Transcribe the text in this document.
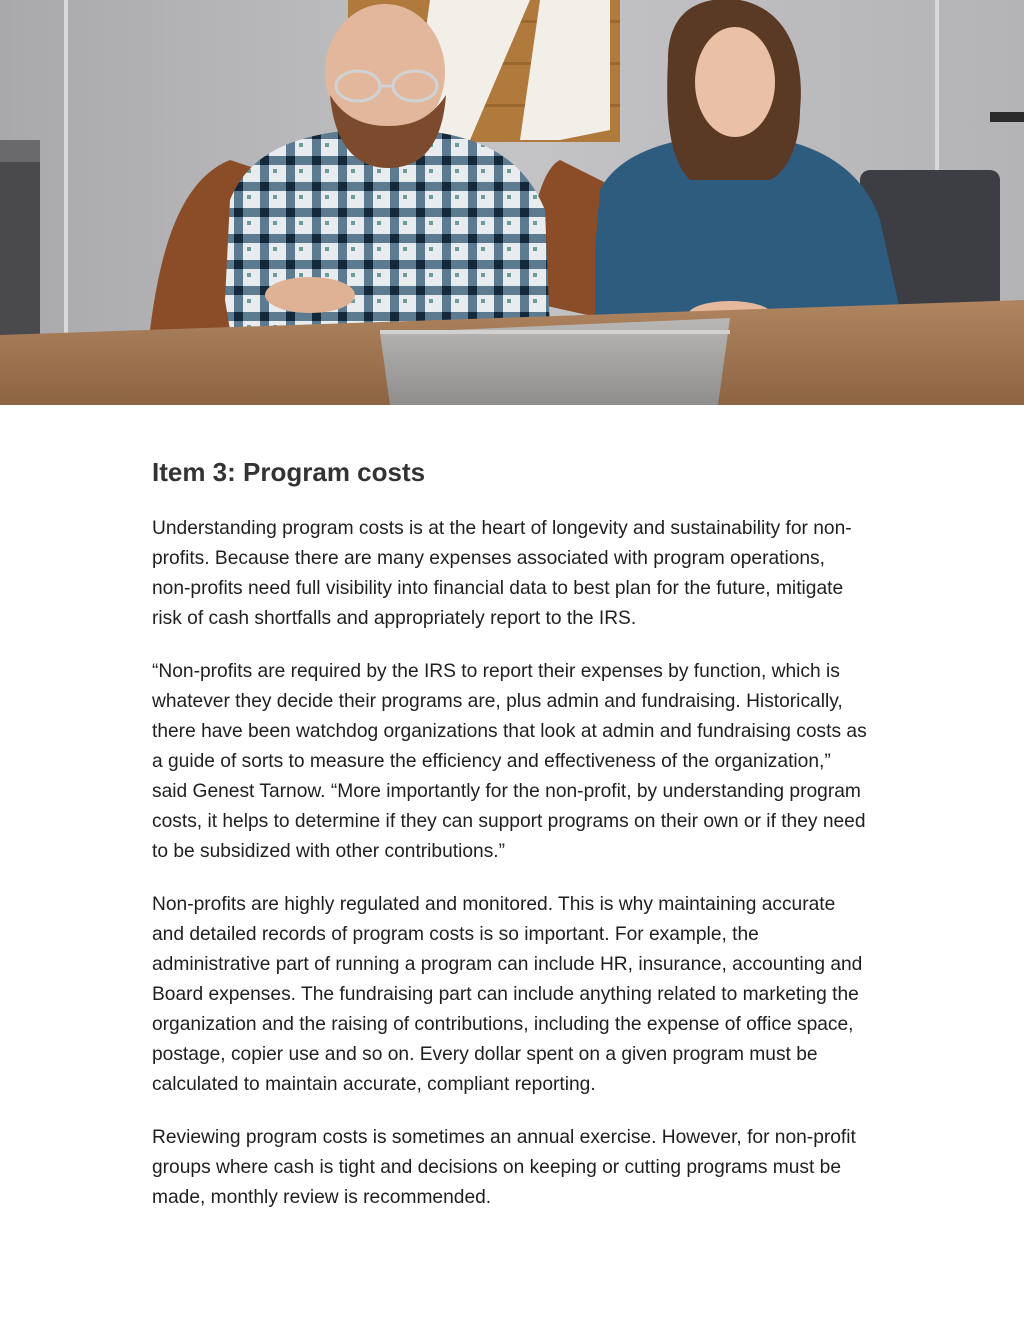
Item 3: Program costs

Understanding program costs is at the heart of longevity and sustainability for non-profits. Because there are many expenses associated with program operations, non-profits need full visibility into financial data to best plan for the future, mitigate risk of cash shortfalls and appropriately report to the IRS.

“Non-profits are required by the IRS to report their expenses by function, which is whatever they decide their programs are, plus admin and fundraising. Historically, there have been watchdog organizations that look at admin and fundraising costs as a guide of sorts to measure the efficiency and effectiveness of the organization,” said Genest Tarnow. “More importantly for the non-profit, by understanding program costs, it helps to determine if they can support programs on their own or if they need to be subsidized with other contributions.”

Non-profits are highly regulated and monitored. This is why maintaining accurate and detailed records of program costs is so important. For example, the administrative part of running a program can include HR, insurance, accounting and Board expenses. The fundraising part can include anything related to marketing the organization and the raising of contributions, including the expense of office space, postage, copier use and so on. Every dollar spent on a given program must be calculated to maintain accurate, compliant reporting.

Reviewing program costs is sometimes an annual exercise. However, for non-profit groups where cash is tight and decisions on keeping or cutting programs must be made, monthly review is recommended.
